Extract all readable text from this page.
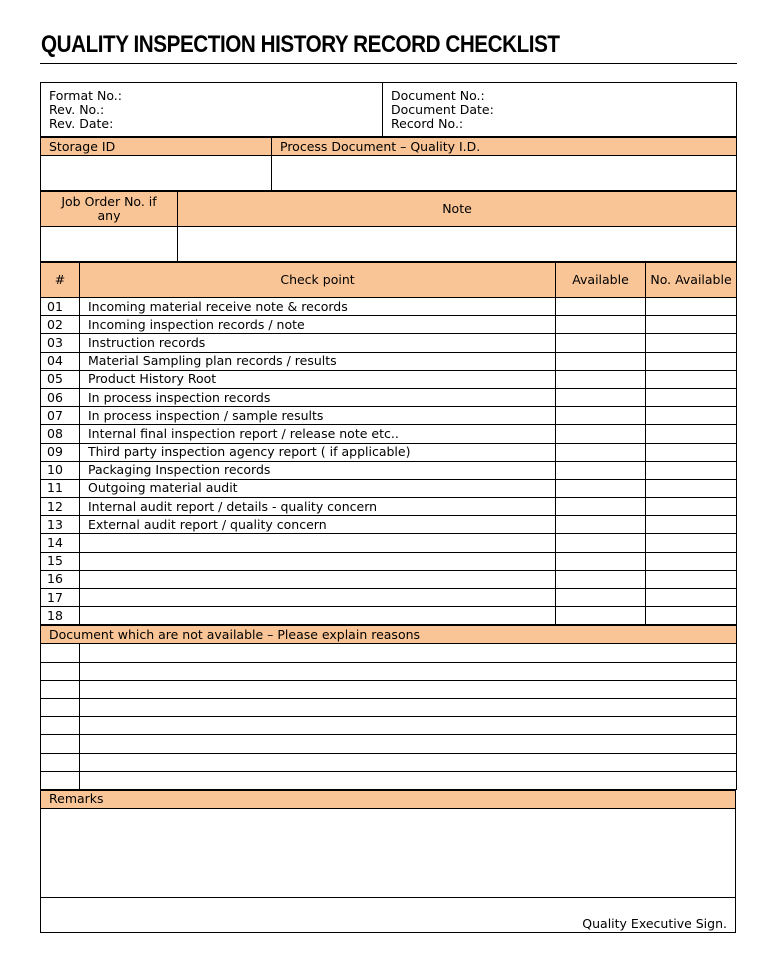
QUALITY INSPECTION HISTORY RECORD CHECKLIST
Format No.:
Rev. No.:
Rev. Date:

Document No.:
Document Date:
Record No.:
Storage ID	Process Document – Quality I.D.

Job Order No. if any	Note

#	Check point	Available	No. Available
01	Incoming material receive note & records		
02	Incoming inspection records / note		
03	Instruction records		
04	Material Sampling plan records / results		
05	Product History Root		
06	In process inspection records		
07	In process inspection / sample results		
08	Internal final inspection report / release note etc..		
09	Third party inspection agency report ( if applicable)		
10	Packaging Inspection records		
11	Outgoing material audit		
12	Internal audit report / details - quality concern		
13	External audit report / quality concern		
14			
15			
16			
17			
18			
Document which are not available – Please explain reasons	

Remarks

Quality Executive Sign.
